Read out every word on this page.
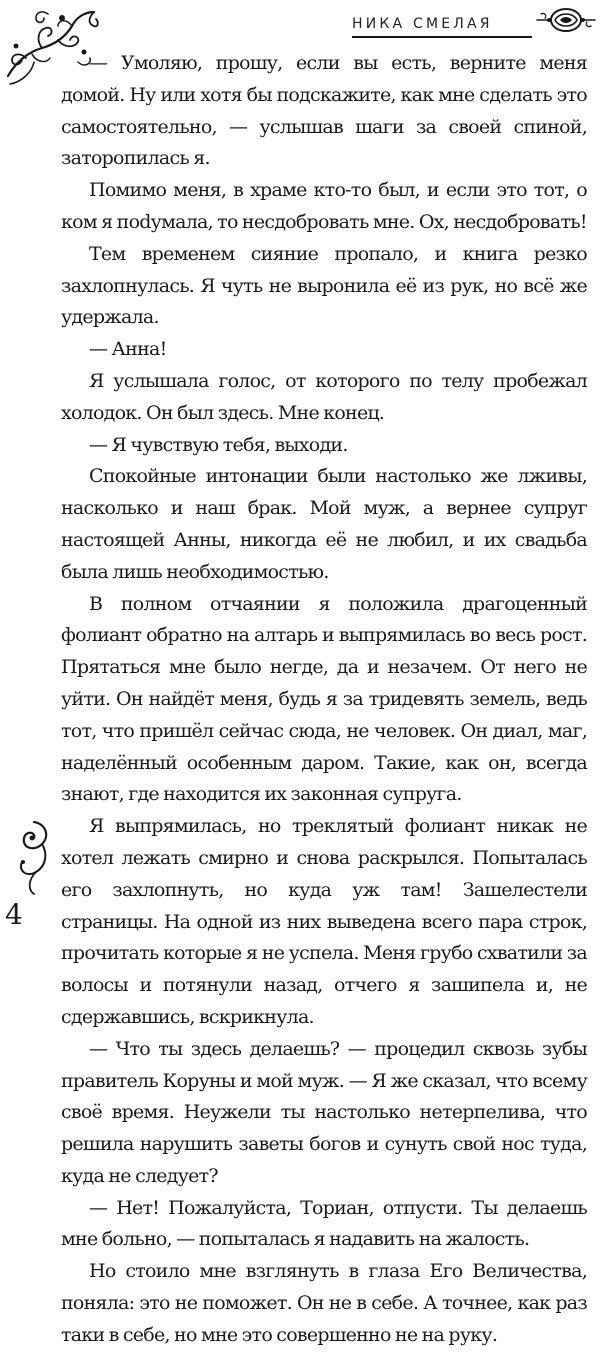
НИКА СМЕЛАЯ

— Умоляю, прошу, если вы есть, верните меня домой. Ну или хотя бы подскажите, как мне сделать это самостоятельно, — услышав шаги за своей спиной, заторопилась я.

Помимо меня, в храме кто-то был, и если это тот, о ком я поdумала, то несдобровать мне. Ох, несдобровать!

Тем временем сияние пропало, и книга резко захлопнулась. Я чуть не выронила её из рук, но всё же удержала.

— Анна!

Я услышала голос, от которого по телу пробежал холодок. Он был здесь. Мне конец.

— Я чувствую тебя, выходи.

Спокойные интонации были настолько же лживы, насколько и наш брак. Мой муж, а вернее супруг настоящей Анны, никогда её не любил, и их свадьба была лишь необходимостью.

В полном отчаянии я положила драгоценный фолиант обратно на алтарь и выпрямилась во весь рост. Прятаться мне было негде, да и незачем. От него не уйти. Он найдёт меня, будь я за тридевять земель, ведь тот, что пришёл сейчас сюда, не человек. Он диал, маг, наделённый особенным даром. Такие, как он, всегда знают, где находится их законная супруга.

Я выпрямилась, но треклятый фолиант никак не хотел лежать смирно и снова раскрылся. Попыталась его захлопнуть, но куда уж там! Зашелестели страницы. На одной из них выведена всего пара строк, прочитать которые я не успела. Меня грубо схватили за волосы и потянули назад, отчего я зашипела и, не сдержавшись, вскрикнула.

— Что ты здесь делаешь? — процедил сквозь зубы правитель Коруны и мой муж. — Я же сказал, что всему своё время. Неужели ты настолько нетерпелива, что решила нарушить заветы богов и сунуть свой нос туда, куда не следует?

— Нет! Пожалуйста, Ториан, отпусти. Ты делаешь мне больно, — попыталась я надавить на жалость.

Но стоило мне взглянуть в глаза Его Величества, поняла: это не поможет. Он не в себе. А точнее, как раз таки в себе, но мне это совершенно не на руку.

4
